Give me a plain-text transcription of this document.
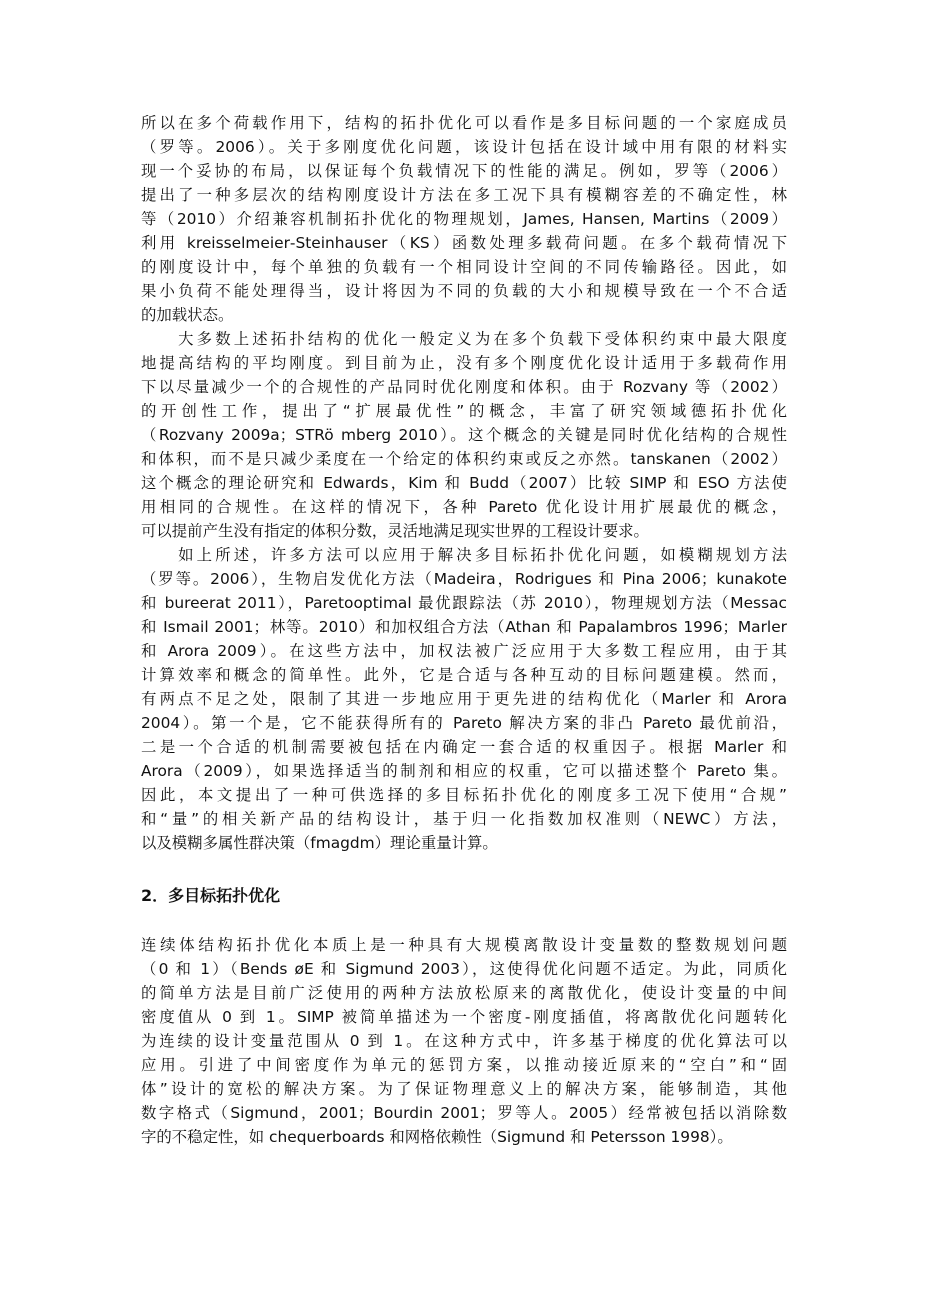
所以在多个荷载作用下，结构的拓扑优化可以看作是多目标问题的一个家庭成员
（罗等。2006）。关于多刚度优化问题，该设计包括在设计域中用有限的材料实
现一个妥协的布局，以保证每个负载情况下的性能的满足。例如，罗等（2006）
提出了一种多层次的结构刚度设计方法在多工况下具有模糊容差的不确定性，林
等（2010）介绍兼容机制拓扑优化的物理规划，James, Hansen, Martins（2009）
利用 kreisselmeier‑Steinhauser（KS）函数处理多载荷问题。在多个载荷情况下
的刚度设计中，每个单独的负载有一个相同设计空间的不同传输路径。因此，如
果小负荷不能处理得当，设计将因为不同的负载的大小和规模导致在一个不合适
的加载状态。
　　大多数上述拓扑结构的优化一般定义为在多个负载下受体积约束中最大限度
地提高结构的平均刚度。到目前为止，没有多个刚度优化设计适用于多载荷作用
下以尽量减少一个的合规性的产品同时优化刚度和体积。由于 Rozvany 等（2002）
的开创性工作，提出了“扩展最优性”的概念，丰富了研究领域德拓扑优化
（Rozvany 2009a；STRö mberg 2010）。这个概念的关键是同时优化结构的合规性
和体积，而不是只减少柔度在一个给定的体积约束或反之亦然。tanskanen（2002）
这个概念的理论研究和 Edwards，Kim 和 Budd（2007）比较 SIMP 和 ESO 方法使
用相同的合规性。在这样的情况下，各种 Pareto 优化设计用扩展最优的概念，
可以提前产生没有指定的体积分数，灵活地满足现实世界的工程设计要求。
　　如上所述，许多方法可以应用于解决多目标拓扑优化问题，如模糊规划方法
（罗等。2006），生物启发优化方法（Madeira，Rodrigues 和 Pina 2006；kunakote
和 bureerat 2011），Paretooptimal 最优跟踪法（苏 2010），物理规划方法（Messac
和 Ismail 2001；林等。2010）和加权组合方法（Athan 和 Papalambros 1996；Marler
和 Arora 2009）。在这些方法中，加权法被广泛应用于大多数工程应用，由于其
计算效率和概念的简单性。此外，它是合适与各种互动的目标问题建模。然而，
有两点不足之处，限制了其进一步地应用于更先进的结构优化（Marler 和 Arora
2004）。第一个是，它不能获得所有的 Pareto 解决方案的非凸 Pareto 最优前沿，
二是一个合适的机制需要被包括在内确定一套合适的权重因子。根据 Marler 和
Arora（2009），如果选择适当的制剂和相应的权重，它可以描述整个 Pareto 集。
因此，本文提出了一种可供选择的多目标拓扑优化的刚度多工况下使用“合规”
和“量”的相关新产品的结构设计，基于归一化指数加权准则（NEWC）方法，
以及模糊多属性群决策（fmagdm）理论重量计算。
2．多目标拓扑优化
连续体结构拓扑优化本质上是一种具有大规模离散设计变量数的整数规划问题
（0 和 1）（Bends øE 和 Sigmund 2003），这使得优化问题不适定。为此，同质化
的简单方法是目前广泛使用的两种方法放松原来的离散优化，使设计变量的中间
密度值从 0 到 1。SIMP 被简单描述为一个密度‑刚度插值，将离散优化问题转化
为连续的设计变量范围从 0 到 1。在这种方式中，许多基于梯度的优化算法可以
应用。引进了中间密度作为单元的惩罚方案，以推动接近原来的“空白”和“固
体”设计的宽松的解决方案。为了保证物理意义上的解决方案，能够制造，其他
数字格式（Sigmund，2001；Bourdin 2001；罗等人。2005）经常被包括以消除数
字的不稳定性，如 chequerboards 和网格依赖性（Sigmund 和 Petersson 1998）。
